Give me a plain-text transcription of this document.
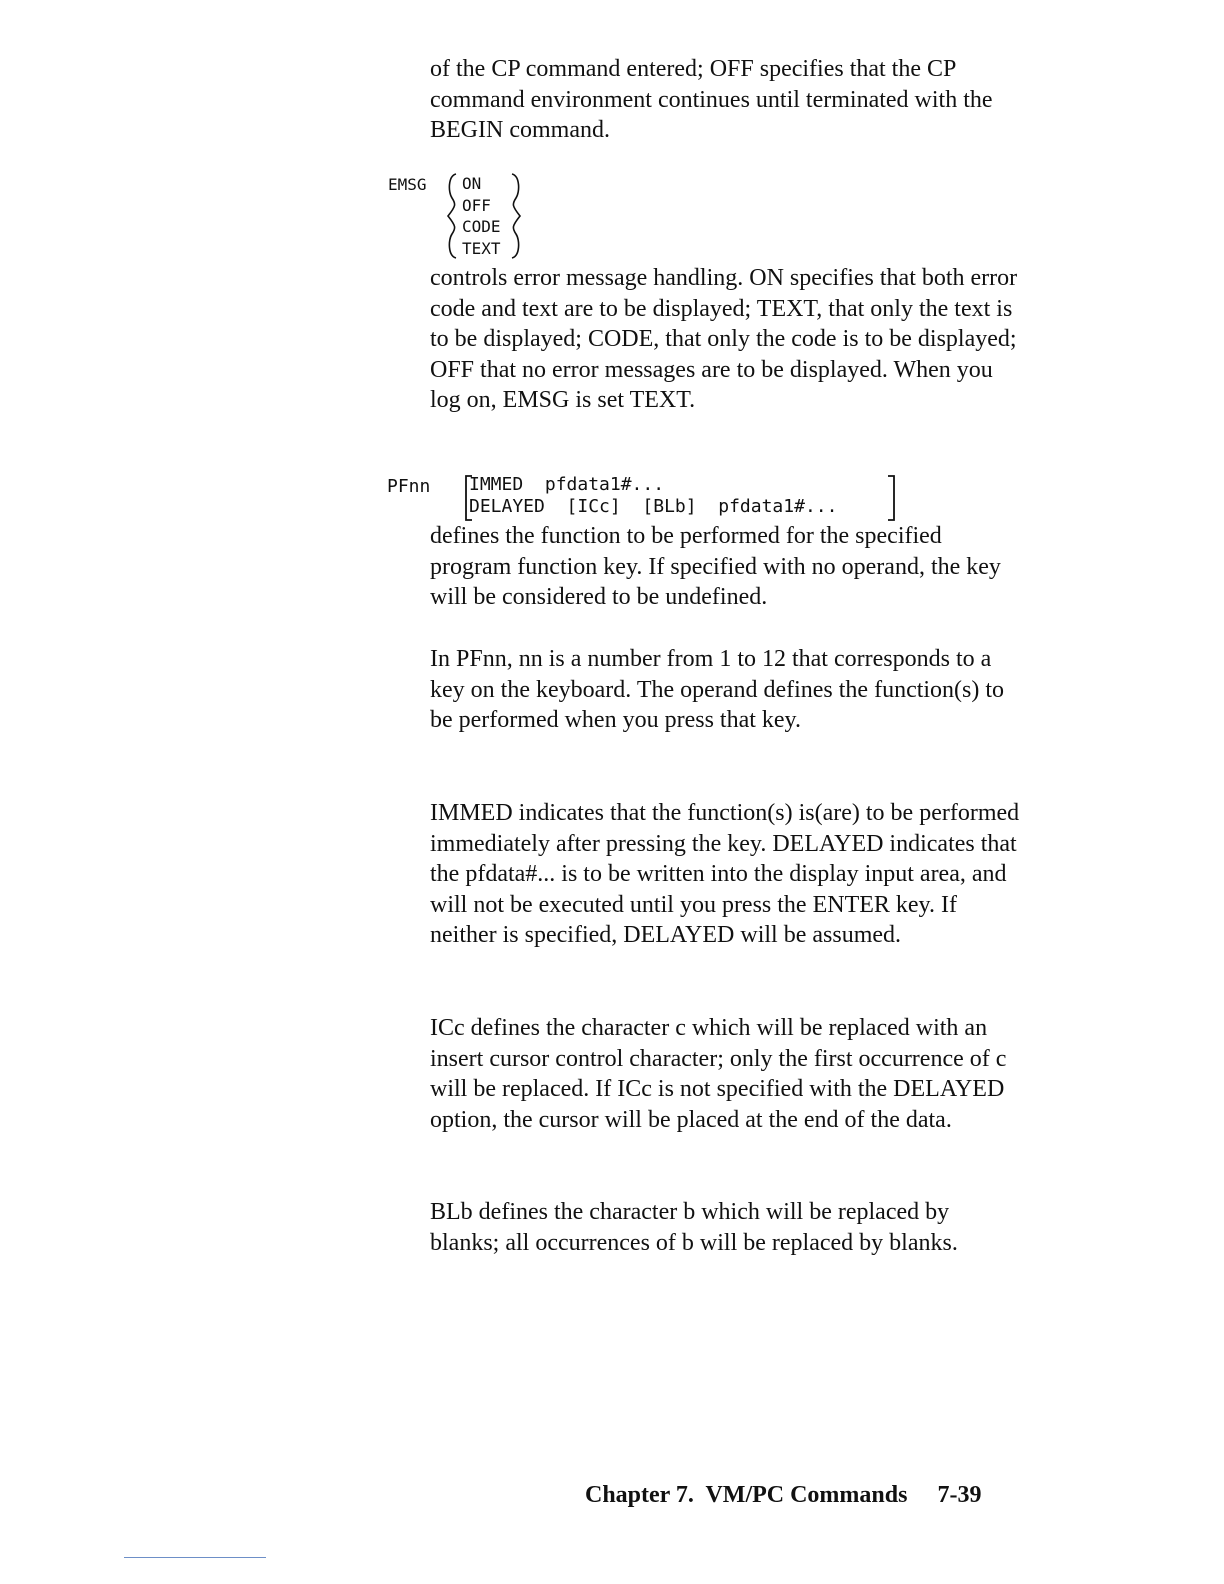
of the CP command entered; OFF specifies that the CP command environment continues until terminated with the BEGIN command.

EMSG ON
OFF
CODE
TEXT

controls error message handling. ON specifies that both error code and text are to be displayed; TEXT, that only the text is to be displayed; CODE, that only the code is to be displayed; OFF that no error messages are to be displayed. When you log on, EMSG is set TEXT.

PFnn IMMED  pfdata1#...
DELAYED  [ICc]  [BLb]  pfdata1#...

defines the function to be performed for the specified program function key. If specified with no operand, the key will be considered to be undefined.

In PFnn, nn is a number from 1 to 12 that corresponds to a key on the keyboard. The operand defines the function(s) to be performed when you press that key.

IMMED indicates that the function(s) is(are) to be performed immediately after pressing the key. DELAYED indicates that the pfdata#... is to be written into the display input area, and will not be executed until you press the ENTER key. If neither is specified, DELAYED will be assumed.

ICc defines the character c which will be replaced with an insert cursor control character; only the first occurrence of c will be replaced. If ICc is not specified with the DELAYED option, the cursor will be placed at the end of the data.

BLb defines the character b which will be replaced by blanks; all occurrences of b will be replaced by blanks.

Chapter 7.  VM/PC Commands 7-39
